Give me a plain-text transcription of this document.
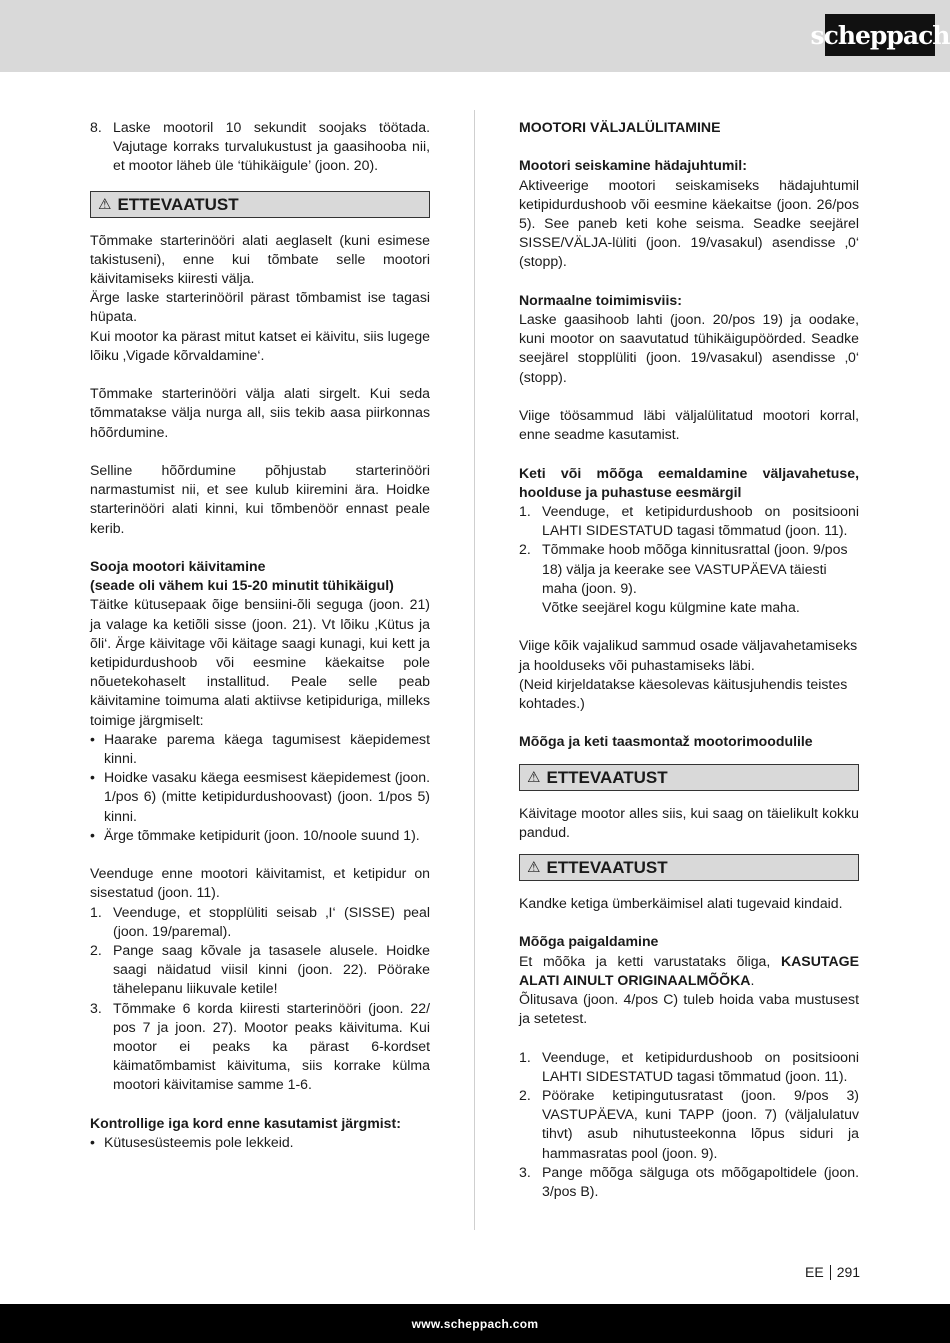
scheppach
8. Laske mootoril 10 sekundit soojaks töötada. Vajutage korraks turvalukustust ja gaasihooba nii, et mootor läheb üle ‘tühikäigule’ (joon. 20).
⚠ ETTEVAATUST

Tõmmake starterinööri alati aeglaselt (kuni esimese takistuseni), enne kui tõmbate selle mootori käivitamiseks kiiresti välja.

Ärge laske starterinööril pärast tõmbamist ise tagasi hüpata.

Kui mootor ka pärast mitut katset ei käivitu, siis lugege lõiku ‚Vigade kõrvaldamine‘.

Tõmmake starterinööri välja alati sirgelt. Kui seda tõmmatakse välja nurga all, siis tekib aasa piirkonnas hõõrdumine.

Selline hõõrdumine põhjustab starterinööri narmastumist nii, et see kulub kiiremini ära. Hoidke starterinööri alati kinni, kui tõmbenöör ennast peale kerib.

Sooja mootori käivitamine

(seade oli vähem kui 15-20 minutit tühikäigul)

Täitke kütusepaak õige bensiini-õli seguga (joon. 21) ja valage ka ketiõli sisse (joon. 21). Vt lõiku ‚Kütus ja õli‘. Ärge käivitage või käitage saagi kunagi, kui kett ja ketipidurdushoob või eesmine käekaitse pole nõuetekohaselt installitud. Peale selle peab käivitamine toimuma alati aktiivse ketipiduriga, milleks toimige järgmiselt:

• Haarake parema käega tagumisest käepidemest kinni.
• Hoidke vasaku käega eesmisest käepidemest (joon. 1/pos 6) (mitte ketipidurdushoovast) (joon. 1/pos 5) kinni.
• Ärge tõmmake ketipidurit (joon. 10/noole suund 1).

Veenduge enne mootori käivitamist, et ketipidur on sisestatud (joon. 11).

1. Veenduge, et stopplüliti seisab ‚I‘ (SISSE) peal (joon. 19/paremal).
2. Pange saag kõvale ja tasasele alusele. Hoidke saagi näidatud viisil kinni (joon. 22). Pöörake tähelepanu liikuvale ketile!
3. Tõmmake 6 korda kiiresti starterinööri (joon. 22/ pos 7 ja joon. 27). Mootor peaks käivituma. Kui mootor ei peaks ka pärast 6-kordset käimatõmbamist käivituma, siis korrake külma mootori käivitamise samme 1-6.

Kontrollige iga kord enne kasutamist järgmist:

• Kütusesüsteemis pole lekkeid.

MOOTORI VÄLJALÜLITAMINE

Mootori seiskamine hädajuhtumil:

Aktiveerige mootori seiskamiseks hädajuhtumil ketipidurdushoob või eesmine käekaitse (joon. 26/pos 5). See paneb keti kohe seisma. Seadke seejärel SISSE/VÄLJA-lüliti (joon. 19/vasakul) asendisse ‚0‘ (stopp).

Normaalne toimimisviis:

Laske gaasihoob lahti (joon. 20/pos 19) ja oodake, kuni mootor on saavutatud tühikäigupöörded. Seadke seejärel stopplüliti (joon. 19/vasakul) asendisse ‚0‘ (stopp).

Viige töösammud läbi väljalülitatud mootori korral, enne seadme kasutamist.

Keti või mõõga eemaldamine väljavahetuse, hoolduse ja puhastuse eesmärgil

1. Veenduge, et ketipidurdushoob on positsiooni LAHTI SIDESTATUD tagasi tõmmatud (joon. 11).
2. Tõmmake hoob mõõga kinnitusrattal (joon. 9/pos 18) välja ja keerake see VASTUPÄEVA täiesti maha (joon. 9).
Võtke seejärel kogu külgmine kate maha.

Viige kõik vajalikud sammud osade väljavahetamiseks ja hoolduseks või puhastamiseks läbi.
(Neid kirjeldatakse käesolevas käitusjuhendis teistes kohtades.)

Mõõga ja keti taasmontaž mootorimoodulile

⚠ ETTEVAATUST

Käivitage mootor alles siis, kui saag on täielikult kokku pandud.

⚠ ETTEVAATUST

Kandke ketiga ümberkäimisel alati tugevaid kindaid.

Mõõga paigaldamine

Et mõõka ja ketti varustataks õliga, KASUTAGE ALATI AINULT ORIGINAALMÕÕKA.

Õlitusava (joon. 4/pos C) tuleb hoida vaba mustusest ja setetest.

1. Veenduge, et ketipidurdushoob on positsiooni LAHTI SIDESTATUD tagasi tõmmatud (joon. 11).
2. Pöörake ketipingutusratast (joon. 9/pos 3) VASTUPÄEVA, kuni TAPP (joon. 7) (väljalulatuv tihvt) asub nihutusteekonna lõpus siduri ja hammasratas pool (joon. 9).
3. Pange mõõga sälguga ots mõõgapoltidele (joon. 3/pos B).
EE 291
www.scheppach.com
